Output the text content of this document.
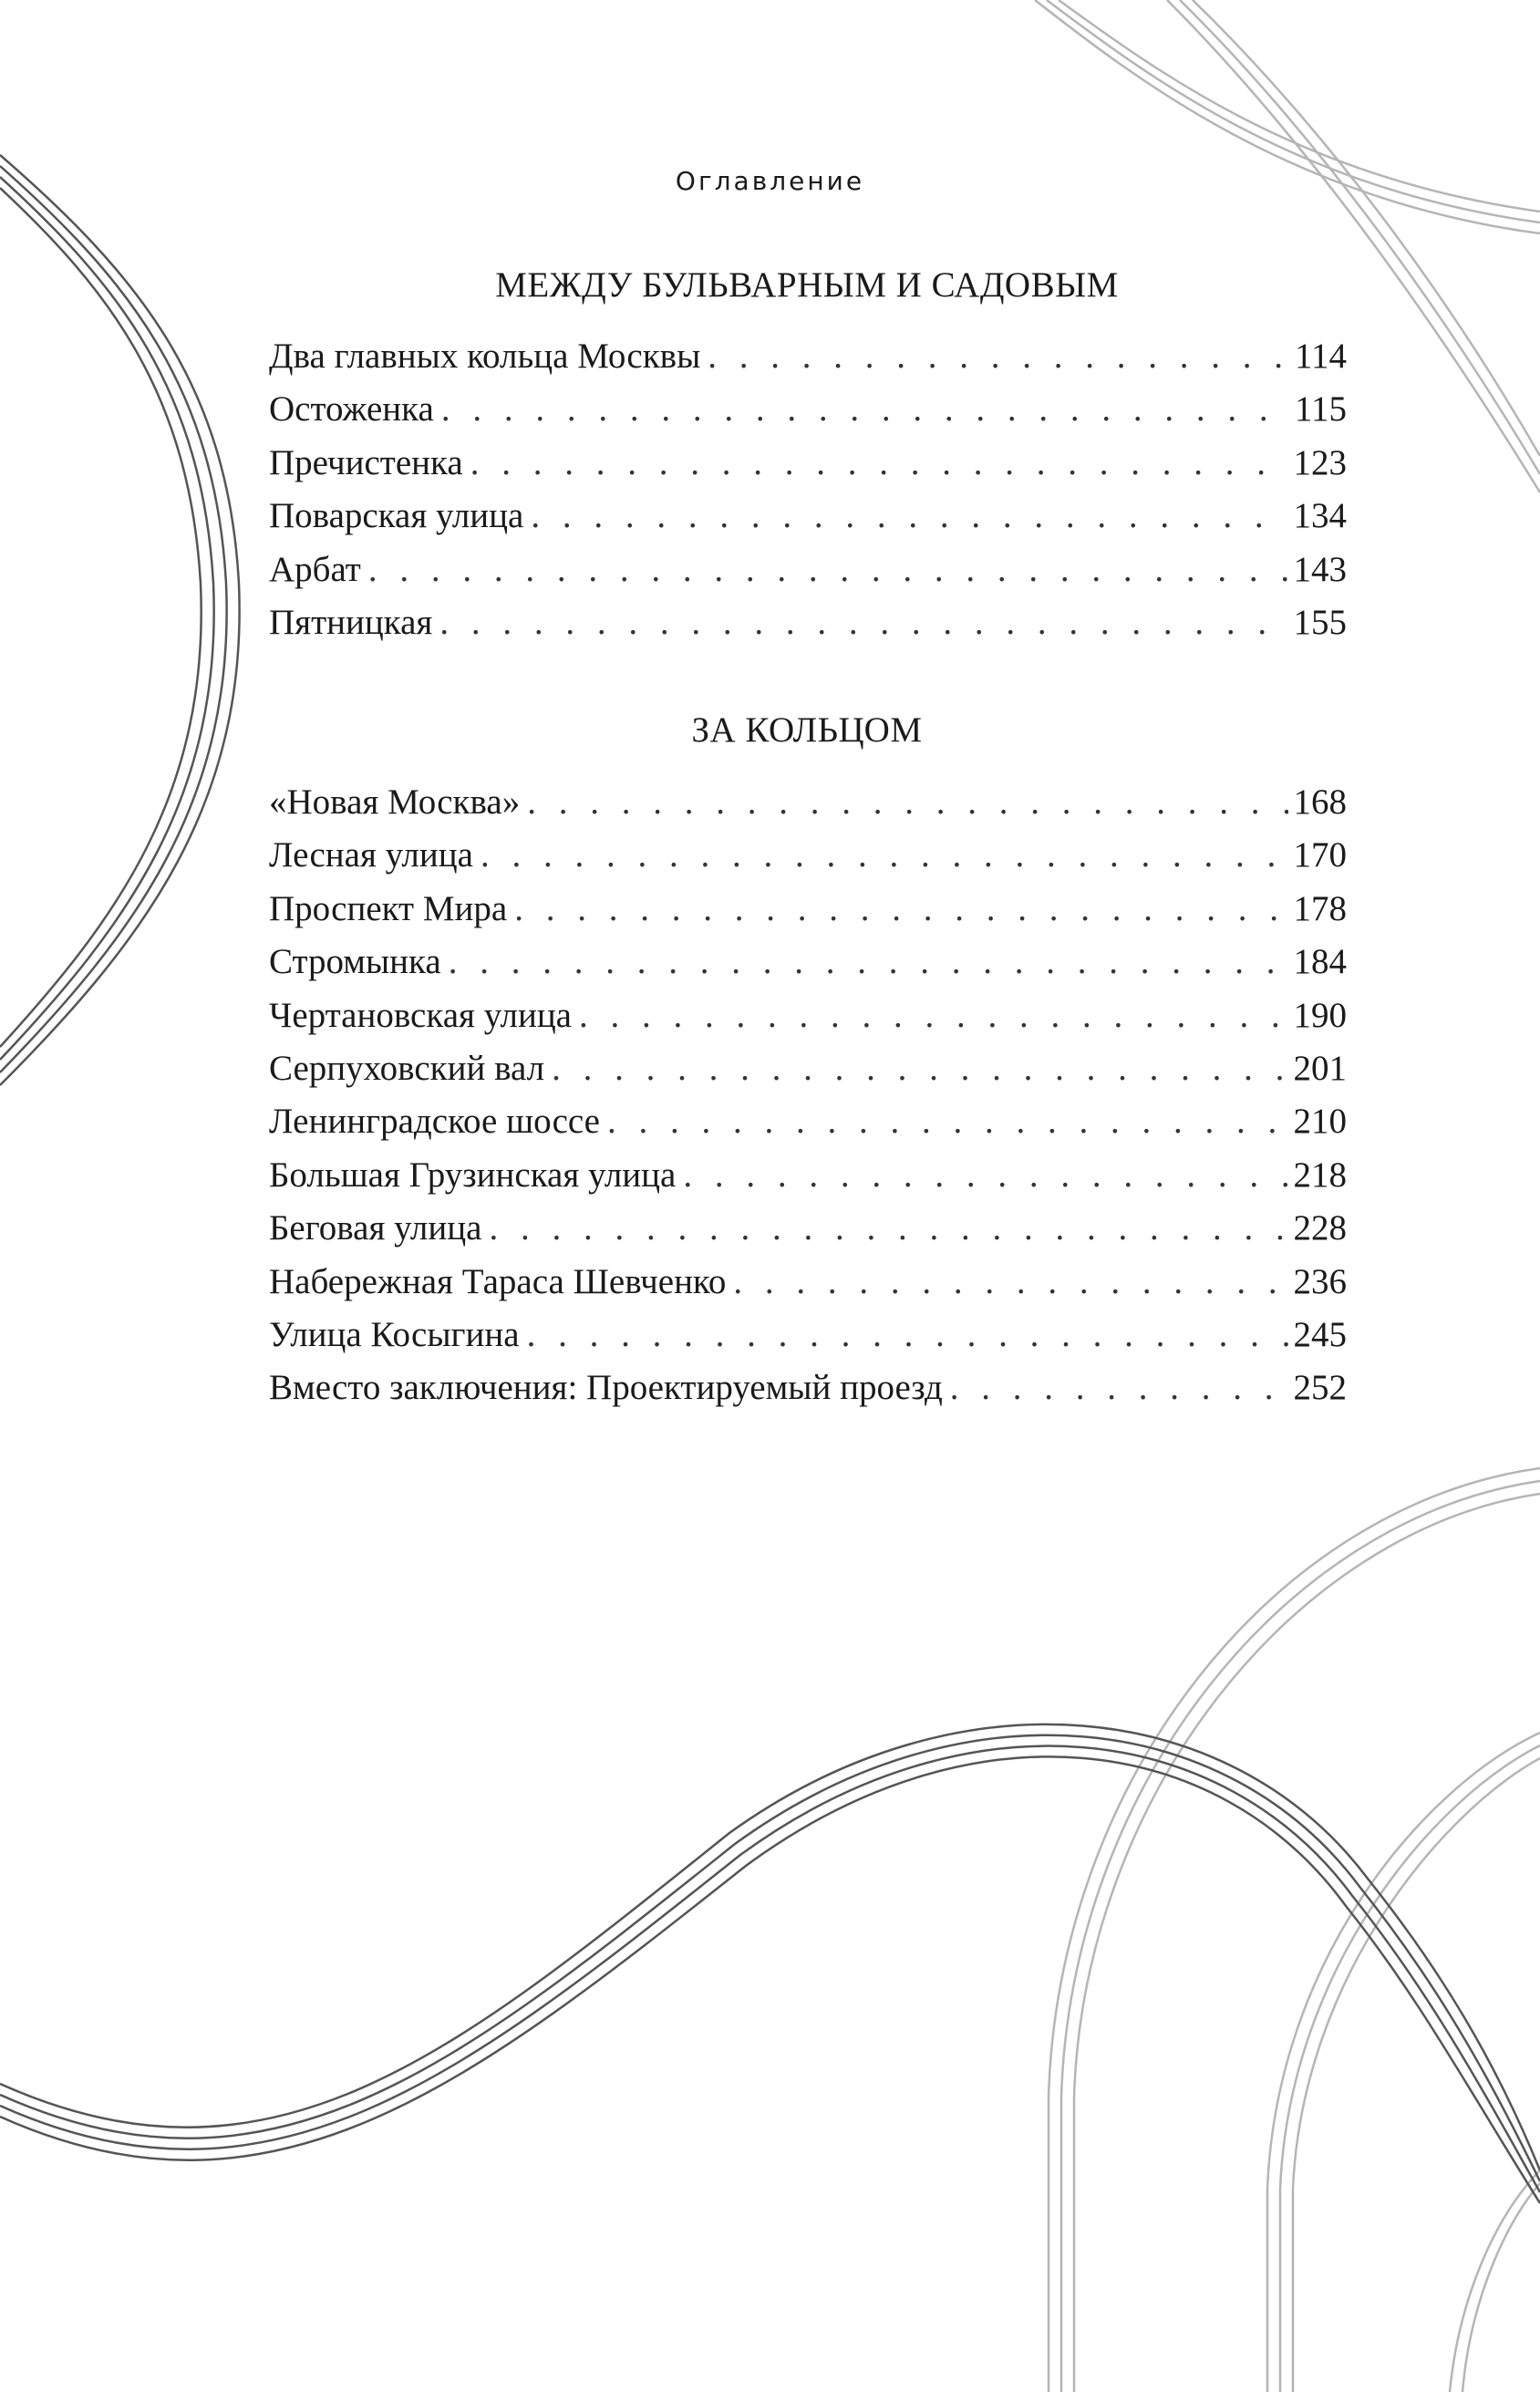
Оглавление
МЕЖДУ БУЛЬВАРНЫМ И САДОВЫМ
Два главных кольца Москвы . . .	114
Остоженка . . .	115
Пречистенка . . .	123
Поварская улица . . .	134
Арбат . . .	143
Пятницкая . . .	155
ЗА КОЛЬЦОМ
«Новая Москва» . . .	168
Лесная улица . . .	170
Проспект Мира . . .	178
Стромынка . . .	184
Чертановская улица . . .	190
Серпуховский вал . . .	201
Ленинградское шоссе . . .	210
Большая Грузинская улица . . .	218
Беговая улица . . .	228
Набережная Тараса Шевченко . . .	236
Улица Косыгина . . .	245
Вместо заключения: Проектируемый проезд . . .	252
